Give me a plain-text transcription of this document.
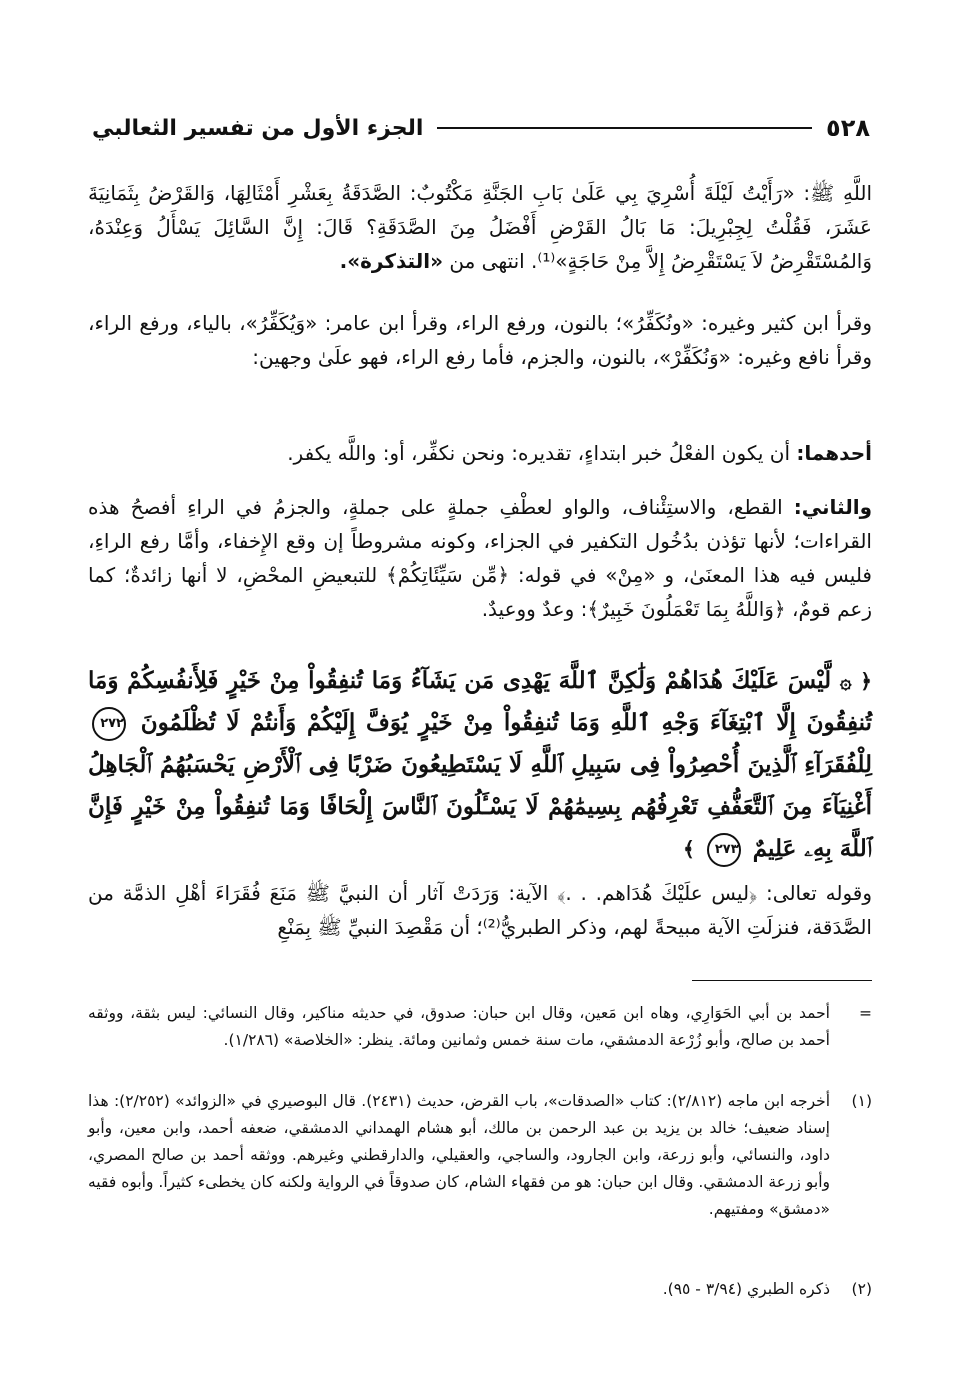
٥٢٨
الجزء الأول من تفسير الثعالبي
اللَّهِ ﷺ: «رَأَيْتُ لَيْلَةَ أُسْرِيَ بِي عَلَىٰ بَابِ الجَنَّةِ مَكْتُوبٌ: الصَّدَقَةُ بِعَشْرِ أَمْثَالِهَا، وَالقَرْضُ بِثَمَانِيَةَ عَشَرَ، فَقُلْتُ لِجِبْرِيلَ: مَا بَالُ القَرْضِ أَفْضَلُ مِنَ الصَّدَقَةِ؟ قَالَ: إِنَّ السَّائِلَ يَسْأَلُ وَعِنْدَهُ، وَالمُسْتَقْرِضُ لاَ يَسْتَقْرِضُ إِلاَّ مِنْ حَاجَةٍ»⁽¹⁾. انتهى من «التذكرة».
وقرأ ابن كثير وغيره: «ونُكَفِّرُ»؛ بالنون، ورفع الراء، وقرأ ابن عامر: «وَيُكَفِّرُ»، بالياء، ورفع الراء، وقرأ نافع وغيره: «وَنُكَفِّرْ»، بالنون، والجزم، فأما رفع الراء، فهو علَىٰ وجهين:
أحدهما: أن يكون الفعْلُ خبر ابتداءٍ، تقديره: ونحن نكفِّر، أو: واللَّه يكفر.
والثاني: القطع، والاستِئْناف، والواو لعطْفِ جملةٍ على جملةٍ، والجزمُ في الراءِ أفصحُ هذه القراءات؛ لأنها تؤذن بدُخُول التكفير في الجزاء، وكونه مشروطاً إن وقع الإِخفاء، وأمَّا رفع الراءِ، فليس فيه هذا المعنَىٰ، و «مِنْ» في قوله: ﴿مِّن سَيِّئَاتِكُمْ﴾ للتبعيضِ المحْضِ، لا أنها زائدةٌ؛ كما زعم قومٌ، ﴿وَاللَّهُ بِمَا تَعْمَلُونَ خَبِيرٌ﴾: وعدٌ ووعيدٌ.
﴿ ۞ لَّيْسَ عَلَيْكَ هُدَاهُمْ وَلَٰكِنَّ ٱللَّهَ يَهْدِى مَن يَشَآءُ وَمَا تُنفِقُواْ مِنْ خَيْرٍ فَلِأَنفُسِكُمْ وَمَا تُنفِقُونَ إِلَّا ٱبْتِغَآءَ وَجْهِ ٱللَّهِ وَمَا تُنفِقُواْ مِنْ خَيْرٍ يُوَفَّ إِلَيْكُمْ وَأَنتُمْ لَا تُظْلَمُونَ ٢٧٢ لِلْفُقَرَآءِ ٱلَّذِينَ أُحْصِرُواْ فِى سَبِيلِ ٱللَّهِ لَا يَسْتَطِيعُونَ ضَرْبًا فِى ٱلْأَرْضِ يَحْسَبُهُمُ ٱلْجَاهِلُ أَغْنِيَآءَ مِنَ ٱلتَّعَفُّفِ تَعْرِفُهُم بِسِيمَٰهُمْ لَا يَسْـَٔلُونَ ٱلنَّاسَ إِلْحَافًا وَمَا تُنفِقُواْ مِنْ خَيْرٍ فَإِنَّ ٱللَّهَ بِهِۦ عَلِيمٌ ٢٧٣ ﴾
وقوله تعالى: ﴿ليس علَيْكَ هُدَاهم. . .﴾ الآية: وَرَدَتْ آثار أن النبيَّ ﷺ مَنَعَ فُقَرَاءَ أهْلِ الذمَّة من الصَّدَقة، فنزلَتِ الآية مبيحةً لهم، وذكر الطبريُّ⁽²⁾؛ أن مَقْصِدَ النبيِّ ﷺ بِمَنْعِ
=
أحمد بن أبي الحَوَارِي، وهاه ابن مَعين، وقال ابن حبان: صدوق، في حديثه مناكير، وقال النسائي: ليس بثقة، ووثقه أحمد بن صالح، وأبو زُرْعة الدمشقي، مات سنة خمس وثمانين ومائة. ينظر: «الخلاصة» (١/٢٨٦).
(١)
أخرجه ابن ماجه (٢/٨١٢): كتاب «الصدقات»، باب القرض، حديث (٢٤٣١). قال البوصيري في «الزوائد» (٢/٢٥٢): هذا إسناد ضعيف؛ خالد بن يزيد بن عبد الرحمن بن مالك، أبو هشام الهمداني الدمشقي، ضعفه أحمد، وابن معين، وأبو داود، والنسائي، وأبو زرعة، وابن الجارود، والساجي، والعقيلي، والدارقطني وغيرهم. ووثقه أحمد بن صالح المصري، وأبو زرعة الدمشقي. وقال ابن حبان: هو من فقهاء الشام، كان صدوقاً في الرواية ولكنه كان يخطىء كثيراً. وأبوه فقيه «دمشق» ومفتيهم.
(٢)
ذكره الطبري (٣/٩٤ - ٩٥).
